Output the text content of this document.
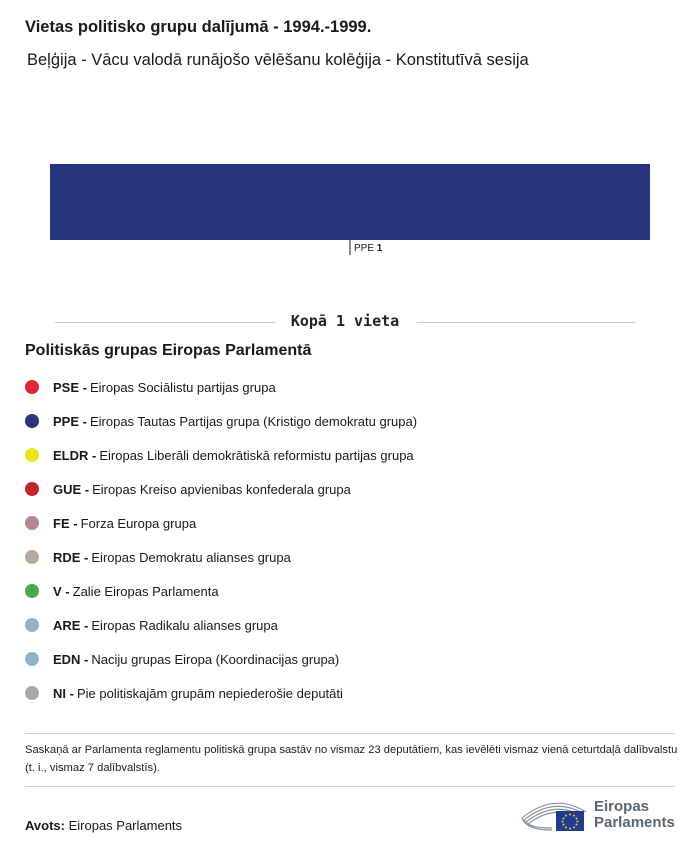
Vietas politisko grupu dalījumā - 1994.-1999.
Beļģija - Vācu valodā runājošo vēlēšanu kolēģija - Konstitutīvā sesija
PPE 1
Kopā 1 vieta
Politiskās grupas Eiropas Parlamentā
PSE - Eiropas Sociālistu partijas grupa
PPE - Eiropas Tautas Partijas grupa (Kristigo demokratu grupa)
ELDR - Eiropas Liberāli demokrātiskā reformistu partijas grupa
GUE - Eiropas Kreiso apvienibas konfederala grupa
FE - Forza Europa grupa
RDE - Eiropas Demokratu alianses grupa
V - Zalie Eiropas Parlamenta
ARE - Eiropas Radikalu alianses grupa
EDN - Naciju grupas Eiropa (Koordinacijas grupa)
NI - Pie politiskajām grupām nepiederošie deputāti
Saskaņā ar Parlamenta reglamentu politiskā grupa sastāv no vismaz 23 deputātiem, kas ievēlēti vismaz vienā ceturtdaļā dalībvalstu (t. i., vismaz 7 dalībvalstīs).
Avots: Eiropas Parlaments
Eiropas
Parlaments
